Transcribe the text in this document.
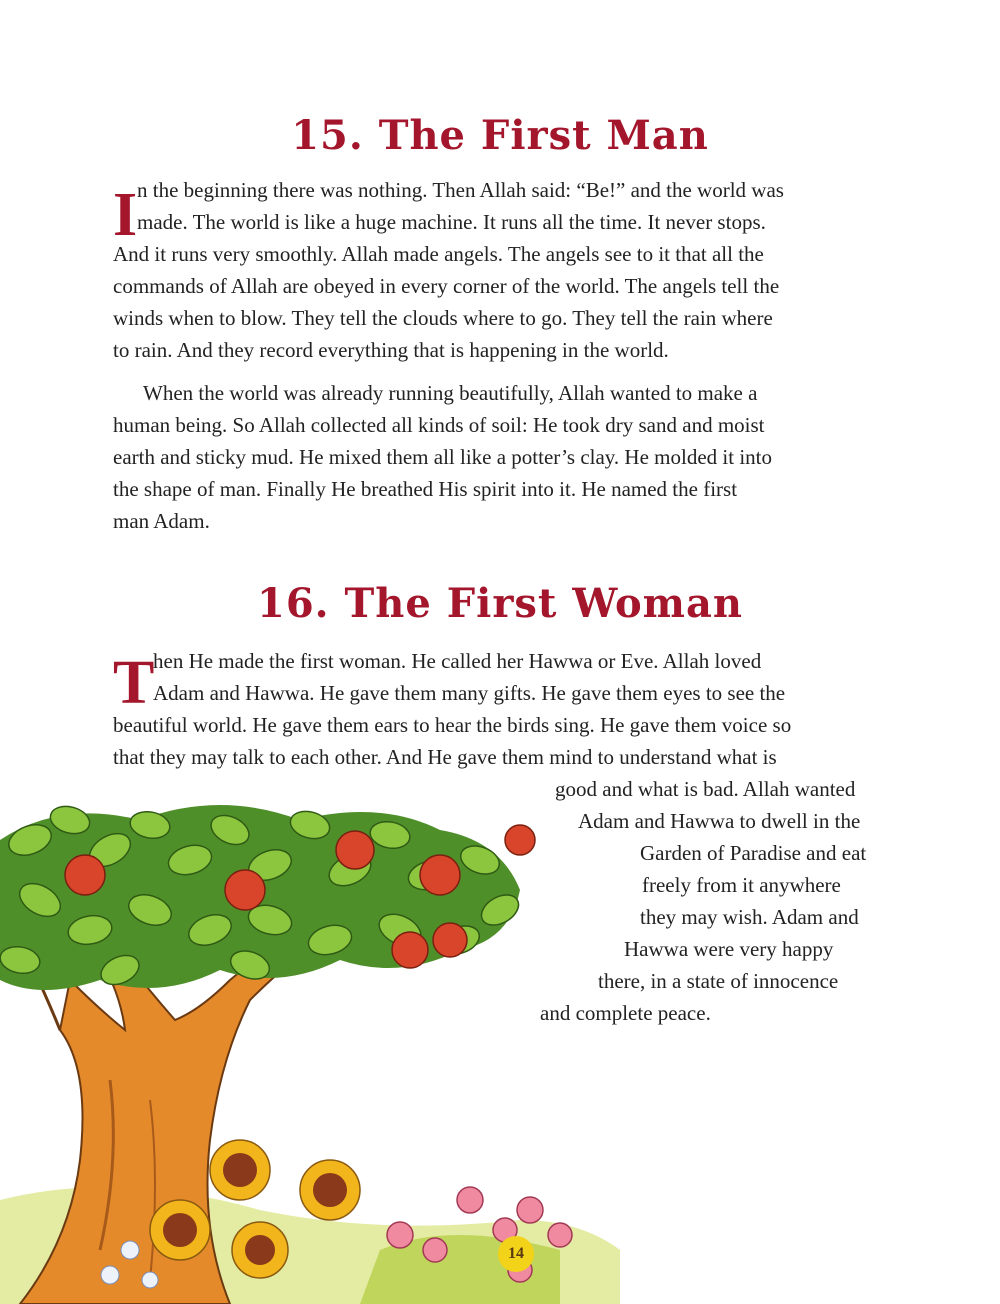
15. The First Man
I n the beginning there was nothing. Then Allah said: “Be!” and the world was
made. The world is like a huge machine. It runs all the time. It never stops.
And it runs very smoothly. Allah made angels. The angels see to it that all the
commands of Allah are obeyed in every corner of the world. The angels tell the
winds when to blow. They tell the clouds where to go. They tell the rain where
to rain. And they record everything that is happening in the world.
When the world was already running beautifully, Allah wanted to make a
human being. So Allah collected all kinds of soil: He took dry sand and moist
earth and sticky mud. He mixed them all like a potter’s clay. He molded it into
the shape of man. Finally He breathed His spirit into it. He named the first
man Adam.
16. The First Woman
T
hen He made the first woman. He called her Hawwa or Eve. Allah loved
Adam and Hawwa. He gave them many gifts. He gave them eyes to see the
beautiful world. He gave them ears to hear the birds sing. He gave them voice so
that they may talk to each other. And He gave them mind to understand what is
good and what is bad. Allah wanted
Adam and Hawwa to dwell in the
Garden of Paradise and eat
freely from it anywhere
they may wish. Adam and
Hawwa were very happy
there, in a state of innocence
and complete peace.
14
